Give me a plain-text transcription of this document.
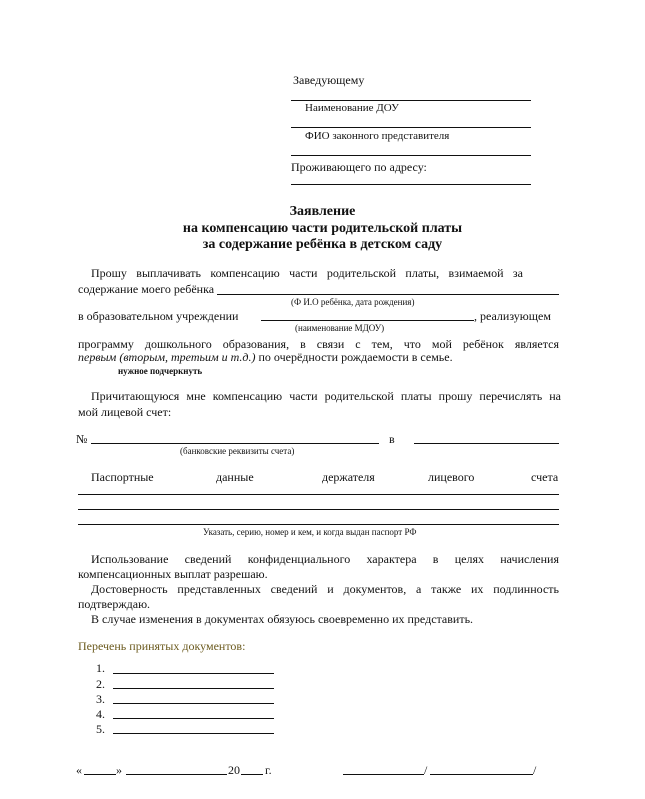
Заведующему
Наименование ДОУ
ФИО законного представителя
Проживающего по адресу:
Заявление
на компенсацию части родительской платы
за содержание ребёнка в детском саду
Прошу выплачивать компенсацию части родительской платы, взимаемой за
содержание моего ребёнка
(Ф И.О ребёнка, дата рождения)
в образовательном учреждении	, реализующем
(наименование МДОУ)
программу дошкольного образования, в связи с тем, что мой ребёнок является
первым (вторым, третьим и т.д.) по очерёдности рождаемости в семье.
нужное подчеркнуть
Причитающуюся мне компенсацию части родительской платы прошу перечислять на
мой лицевой счет:
№	в
(банковские реквизиты счета)
Паспортные	данные	держателя	лицевого	счета
Указать, серию, номер и кем, и когда выдан паспорт РФ
Использование сведений конфиденциального характера в целях начисления
компенсационных выплат разрешаю.
Достоверность представленных сведений и документов, а также их подлинность
подтверждаю.
В случае изменения в документах обязуюсь своевременно их представить.
Перечень принятых документов:
1.
2.
3.
4.
5.
«	»	20 г.	/	/
